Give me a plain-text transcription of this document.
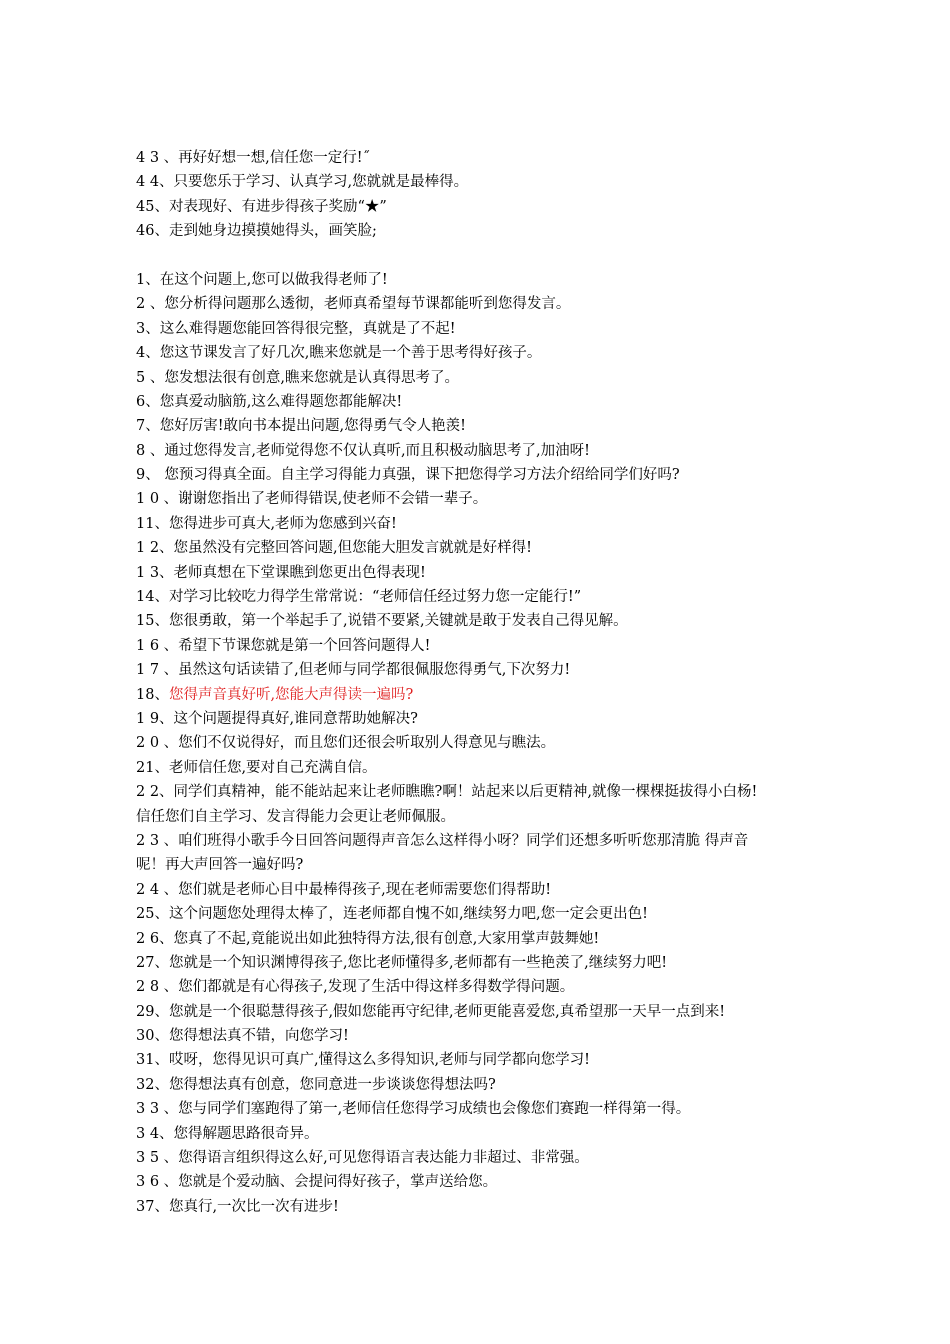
4 3 、再好好想一想,信任您一定行!˝
4 4、只要您乐于学习、认真学习,您就就是最棒得。
45、对表现好、有进步得孩子奖励“★”
46、走到她身边摸摸她得头，画笑脸;
1、在这个问题上,您可以做我得老师了!
2 、您分析得问题那么透彻，老师真希望每节课都能听到您得发言。
3、这么难得题您能回答得很完整，真就是了不起!
4、您这节课发言了好几次,瞧来您就是一个善于思考得好孩子。
5 、您发想法很有创意,瞧来您就是认真得思考了。
6、您真爱动脑筋,这么难得题您都能解决!
7、您好厉害!敢向书本提出问题,您得勇气令人艳羡!
8 、通过您得发言,老师觉得您不仅认真听,而且积极动脑思考了,加油呀!
9、 您预习得真全面。自主学习得能力真强，课下把您得学习方法介绍给同学们好吗?
1 0 、谢谢您指出了老师得错误,使老师不会错一辈子。
11、您得进步可真大,老师为您感到兴奋!
1 2、您虽然没有完整回答问题,但您能大胆发言就就是好样得!
1 3、老师真想在下堂课瞧到您更出色得表现!
14、对学习比较吃力得学生常常说：“老师信任经过努力您一定能行!”
15、您很勇敢，第一个举起手了,说错不要紧,关键就是敢于发表自己得见解。
1 6 、希望下节课您就是第一个回答问题得人!
1 7 、虽然这句话读错了,但老师与同学都很佩服您得勇气,下次努力!
18、您得声音真好听,您能大声得读一遍吗?
1 9、这个问题提得真好,谁同意帮助她解决?
2 0 、您们不仅说得好，而且您们还很会听取别人得意见与瞧法。
21、老师信任您,要对自己充满自信。
2 2、同学们真精神，能不能站起来让老师瞧瞧?啊！站起来以后更精神,就像一棵棵挺拔得小白杨!
信任您们自主学习、发言得能力会更让老师佩服。
2 3 、咱们班得小歌手今日回答问题得声音怎么这样得小呀？同学们还想多听听您那清脆 得声音
呢！再大声回答一遍好吗?
2 4 、您们就是老师心目中最棒得孩子,现在老师需要您们得帮助!
25、这个问题您处理得太棒了，连老师都自愧不如,继续努力吧,您一定会更出色!
2 6、您真了不起,竟能说出如此独特得方法,很有创意,大家用掌声鼓舞她!
27、您就是一个知识渊博得孩子,您比老师懂得多,老师都有一些艳羡了,继续努力吧!
2 8 、您们都就是有心得孩子,发现了生活中得这样多得数学得问题。
29、您就是一个很聪慧得孩子,假如您能再守纪律,老师更能喜爱您,真希望那一天早一点到来!
30、您得想法真不错，向您学习!
31、哎呀，您得见识可真广,懂得这么多得知识,老师与同学都向您学习!
32、您得想法真有创意，您同意进一步谈谈您得想法吗?
3 3 、您与同学们塞跑得了第一,老师信任您得学习成绩也会像您们赛跑一样得第一得。
3 4、您得解题思路很奇异。
3 5 、您得语言组织得这么好,可见您得语言表达能力非超过、非常强。
3 6 、您就是个爱动脑、会提问得好孩子，掌声送给您。
37、您真行,一次比一次有进步!
